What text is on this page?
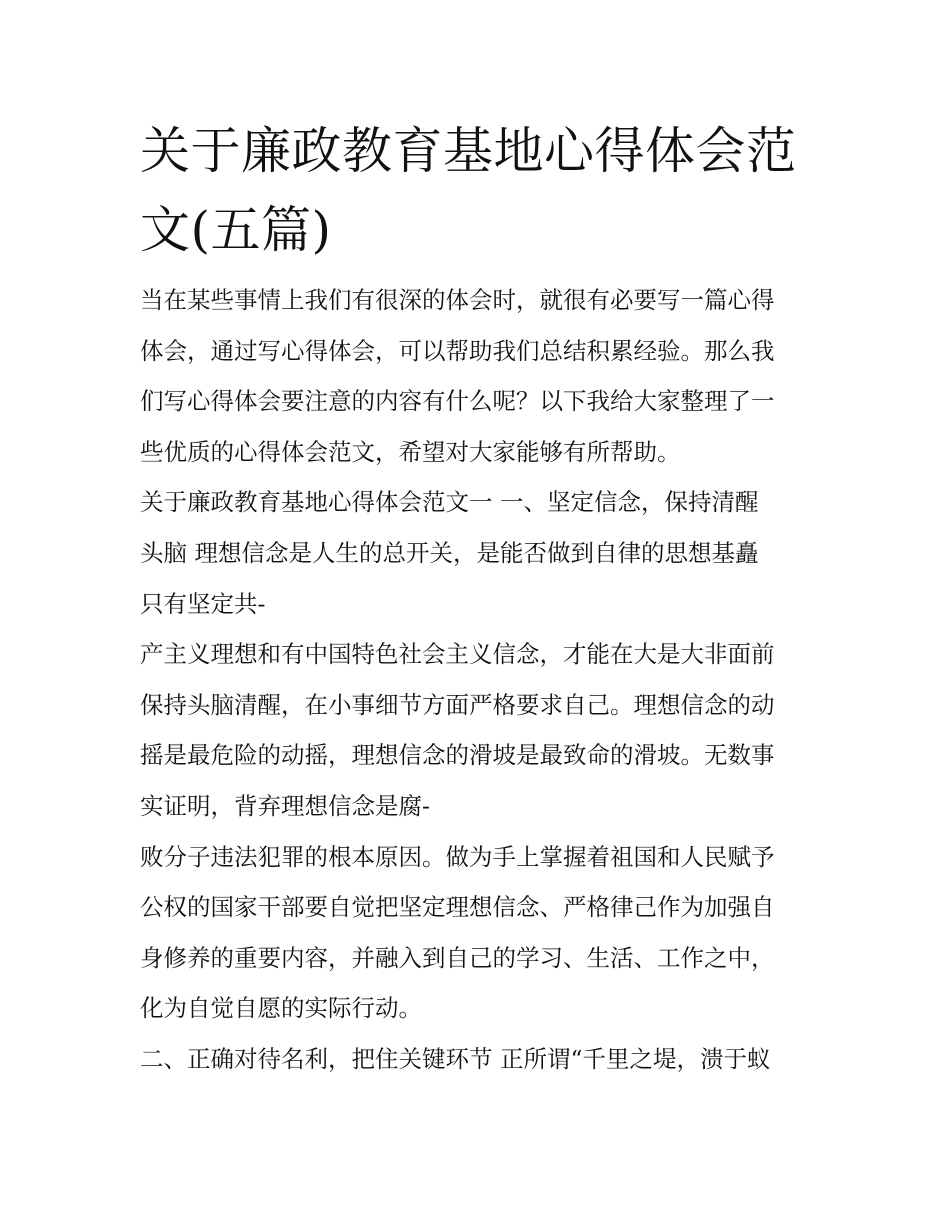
关于廉政教育基地心得体会范
文(五篇)
当在某些事情上我们有很深的体会时，就很有必要写一篇心得
体会，通过写心得体会，可以帮助我们总结积累经验。那么我
们写心得体会要注意的内容有什么呢？以下我给大家整理了一
些优质的心得体会范文，希望对大家能够有所帮助。
关于廉政教育基地心得体会范文一 一、坚定信念，保持清醒
头脑 理想信念是人生的总开关，是能否做到自律的思想基矗
只有坚定共-
产主义理想和有中国特色社会主义信念，才能在大是大非面前
保持头脑清醒，在小事细节方面严格要求自己。理想信念的动
摇是最危险的动摇，理想信念的滑坡是最致命的滑坡。无数事
实证明，背弃理想信念是腐-
败分子违法犯罪的根本原因。做为手上掌握着祖国和人民赋予
公权的国家干部要自觉把坚定理想信念、严格律己作为加强自
身修养的重要内容，并融入到自己的学习、生活、工作之中，
化为自觉自愿的实际行动。
二、正确对待名利，把住关键环节 正所谓“千里之堤，溃于蚁
